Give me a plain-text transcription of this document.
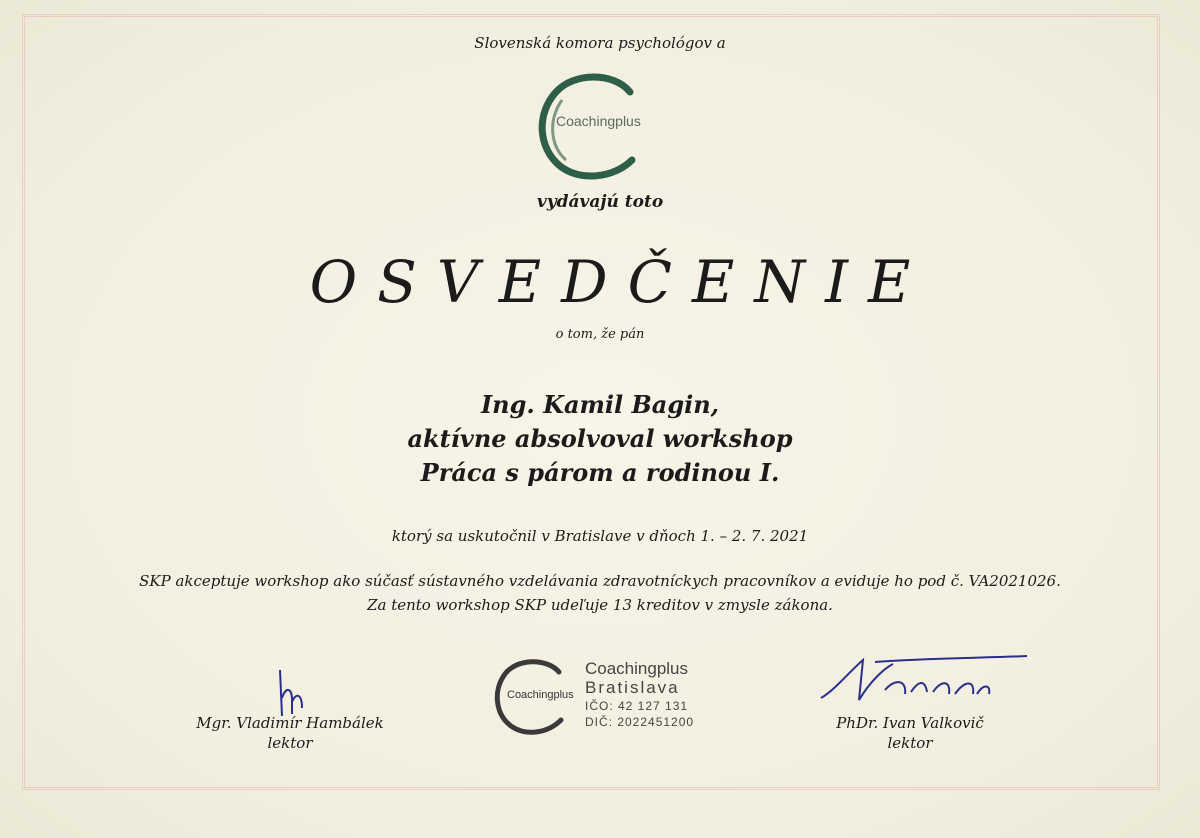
Slovenská komora psychológov a
Coachingplus
vydávajú toto
OSVEDČENIE
o tom, že pán
Ing. Kamil Bagin,
aktívne absolvoval workshop
Práca s párom a rodinou I.
ktorý sa uskutočnil v Bratislave v dňoch 1. – 2. 7. 2021
SKP akceptuje workshop ako súčasť sústavného vzdelávania zdravotníckych pracovníkov a eviduje ho pod č. VA2021026.
Za tento workshop SKP udeľuje 13 kreditov v zmysle zákona.
Mgr. Vladimír Hambálek
lektor
Coachingplus
Coachingplus
Bratislava
IČO: 42 127 131
DIČ: 2022451200	PhDr. Ivan Valkovič
lektor
